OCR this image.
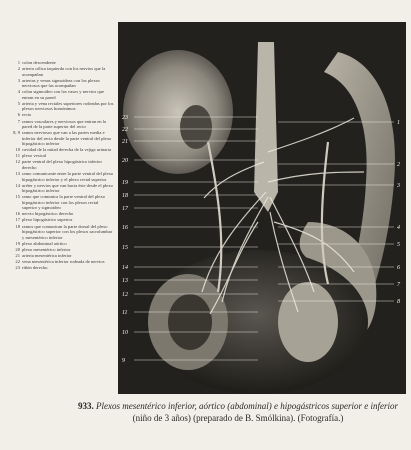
1 colon descendente
2 arteria cólica izquierda con los nervios que la acompañan
3 arterias y venas sigmoideas con los plexos nerviosos que las acompañan
4 colon sigmoideo con los vasos y nervios que entran en su pared
5 arteria y vena rectales superiores rodeadas por los plexos nerviosos homónimos
6 recto
7 ramos vasculares y nerviosos que entran en la pared de la parte superior del recto
8, 9 ramos nerviosos que van a las partes media e inferior del recto desde la parte ventral del plexo hipogástrico inferior
10 cavidad de la mitad derecha de la vejiga urinaria
11 plexo vesical
12 parte ventral del plexo hipogástrico inferior derecho
13 ramo comunicante entre la parte ventral del plexo hipogástrico inferior y el plexo rectal superior
14 uréter y nervios que van hacia éste desde el plexo hipogástrico inferior
15 ramo que comunica la parte ventral del plexo hipogástrico inferior con los plexos rectal superior y sigmoideo
16 nervio hipogástrico derecho
17 plexo hipogástrico superior
18 ramos que comunican la parte dorsal del plexo hipogástrico superior con los plexos sacrolumbar y mesentérico inferior
19 plexo abdominal aórtico
20 plexo mesentérico inferior
21 arteria mesentérica inferior
22 vena mesentérica inferior rodeada de nervios
23 riñón derecho.
23
22
21
20
19
18
17
16
15
14
13
12
11
10
9
1
2
3
4
5
6
7
8
933. Plexos mesentérico inferior, aórtico (abdominal) e hipogástricos superior e inferior
(niño de 3 años) (preparado de B. Smólkina). (Fotografía.)
